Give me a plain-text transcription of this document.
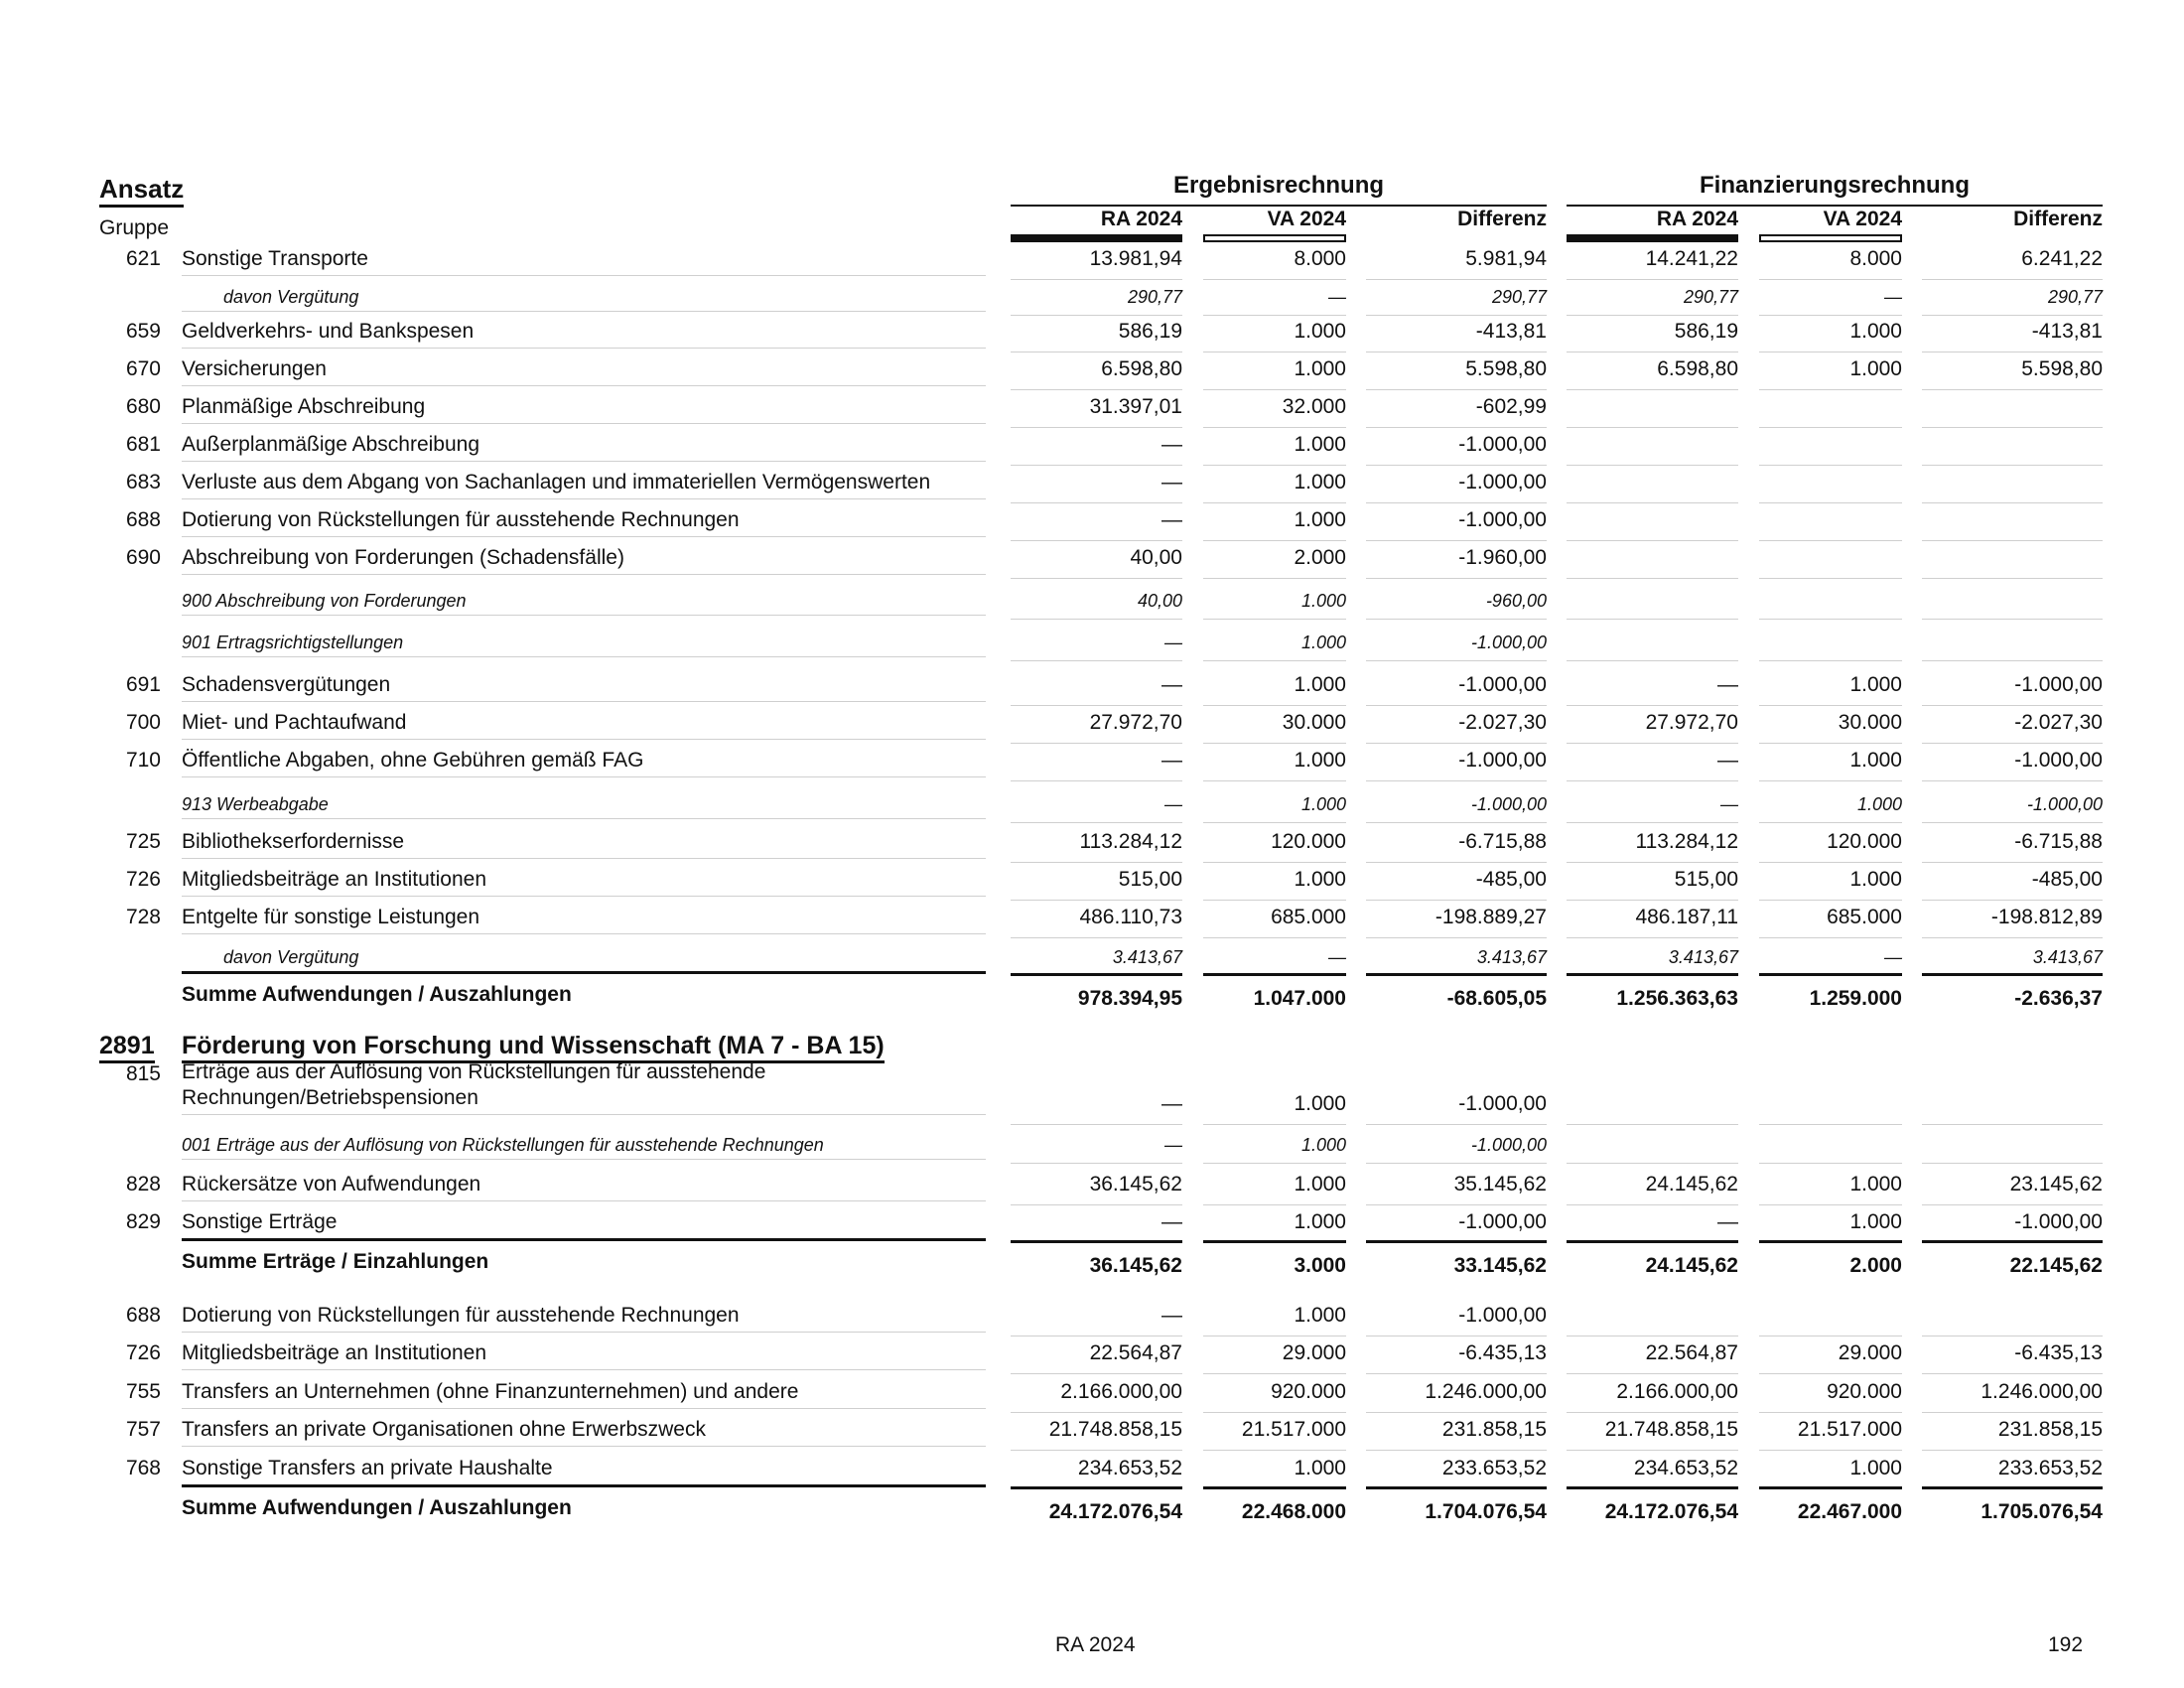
Ansatz
Gruppe
Ergebnisrechnung	Finanzierungsrechnung
RA 2024	VA 2024	Differenz	RA 2024	VA 2024	Differenz
2891 Förderung von Forschung und Wissenschaft (MA 7 - BA 15)
621 Sonstige Transporte	13.981,94	8.000	5.981,94	14.241,22	8.000	6.241,22
davon Vergütung	290,77	—	290,77	290,77	—	290,77
659 Geldverkehrs- und Bankspesen	586,19	1.000	-413,81	586,19	1.000	-413,81
670 Versicherungen	6.598,80	1.000	5.598,80	6.598,80	1.000	5.598,80
680 Planmäßige Abschreibung	31.397,01	32.000	-602,99
681 Außerplanmäßige Abschreibung	—	1.000	-1.000,00
683 Verluste aus dem Abgang von Sachanlagen und immateriellen Vermögenswerten	—	1.000	-1.000,00
688 Dotierung von Rückstellungen für ausstehende Rechnungen	—	1.000	-1.000,00
690 Abschreibung von Forderungen (Schadensfälle)	40,00	2.000	-1.960,00
900 Abschreibung von Forderungen	40,00	1.000	-960,00
901 Ertragsrichtigstellungen	—	1.000	-1.000,00
691 Schadensvergütungen	—	1.000	-1.000,00	—	1.000	-1.000,00
700 Miet- und Pachtaufwand	27.972,70	30.000	-2.027,30	27.972,70	30.000	-2.027,30
710 Öffentliche Abgaben, ohne Gebühren gemäß FAG	—	1.000	-1.000,00	—	1.000	-1.000,00
913 Werbeabgabe	—	1.000	-1.000,00	—	1.000	-1.000,00
725 Bibliothekserfordernisse	113.284,12	120.000	-6.715,88	113.284,12	120.000	-6.715,88
726 Mitgliedsbeiträge an Institutionen	515,00	1.000	-485,00	515,00	1.000	-485,00
728 Entgelte für sonstige Leistungen	486.110,73	685.000	-198.889,27	486.187,11	685.000	-198.812,89
davon Vergütung	3.413,67	—	3.413,67	3.413,67	—	3.413,67
Summe Aufwendungen / Auszahlungen	978.394,95	1.047.000	-68.605,05	1.256.363,63	1.259.000	-2.636,37
815 Erträge aus der Auflösung von Rückstellungen für ausstehende
Rechnungen/Betriebspensionen	—	1.000	-1.000,00
001 Erträge aus der Auflösung von Rückstellungen für ausstehende Rechnungen	—	1.000	-1.000,00
828 Rückersätze von Aufwendungen	36.145,62	1.000	35.145,62	24.145,62	1.000	23.145,62
829 Sonstige Erträge	—	1.000	-1.000,00	—	1.000	-1.000,00
Summe Erträge / Einzahlungen	36.145,62	3.000	33.145,62	24.145,62	2.000	22.145,62
688 Dotierung von Rückstellungen für ausstehende Rechnungen	—	1.000	-1.000,00
726 Mitgliedsbeiträge an Institutionen	22.564,87	29.000	-6.435,13	22.564,87	29.000	-6.435,13
755 Transfers an Unternehmen (ohne Finanzunternehmen) und andere	2.166.000,00	920.000	1.246.000,00	2.166.000,00	920.000	1.246.000,00
757 Transfers an private Organisationen ohne Erwerbszweck	21.748.858,15	21.517.000	231.858,15	21.748.858,15	21.517.000	231.858,15
768 Sonstige Transfers an private Haushalte	234.653,52	1.000	233.653,52	234.653,52	1.000	233.653,52
Summe Aufwendungen / Auszahlungen	24.172.076,54	22.468.000	1.704.076,54	24.172.076,54	22.467.000	1.705.076,54
RA 2024	192
